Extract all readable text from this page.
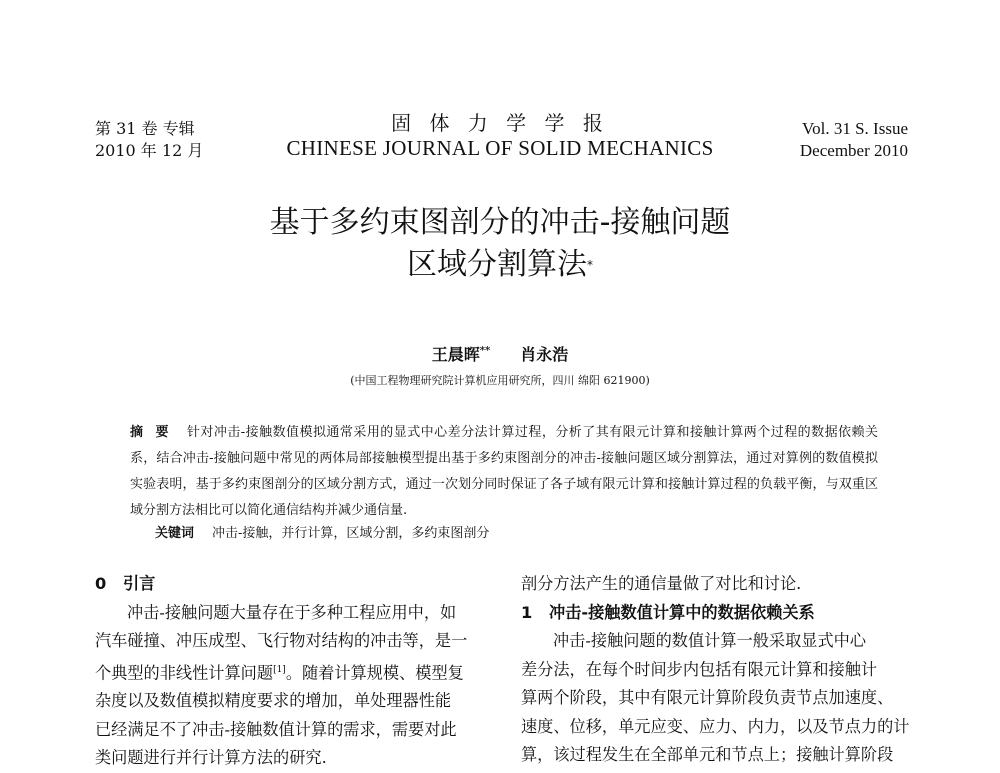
第 31 卷 专辑
2010 年 12 月
固 体 力 学 学 报
CHINESE JOURNAL OF SOLID MECHANICS
Vol. 31 S. Issue
December 2010
基于多约束图剖分的冲击-接触问题
区域分割算法*
王晨晖** 肖永浩
(中国工程物理研究院计算机应用研究所，四川 绵阳 621900)
摘要 针对冲击-接触数值模拟通常采用的显式中心差分法计算过程，分析了其有限元计算和接触计算两个过程的数据依赖关系，结合冲击-接触问题中常见的两体局部接触模型提出基于多约束图剖分的冲击-接触问题区域分割算法，通过对算例的数值模拟实验表明，基于多约束图剖分的区域分割方式，通过一次划分同时保证了各子域有限元计算和接触计算过程的负载平衡，与双重区域分割方法相比可以简化通信结构并减少通信量.
关键词 冲击-接触，并行计算，区域分割，多约束图剖分
0 引言
冲击-接触问题大量存在于多种工程应用中，如
汽车碰撞、冲压成型、飞行物对结构的冲击等，是一
个典型的非线性计算问题[1]。随着计算规模、模型复
杂度以及数值模拟精度要求的增加，单处理器性能
已经满足不了冲击-接触数值计算的需求，需要对此
类问题进行并行计算方法的研究.
剖分方法产生的通信量做了对比和讨论.
1 冲击-接触数值计算中的数据依赖关系
冲击-接触问题的数值计算一般采取显式中心
差分法，在每个时间步内包括有限元计算和接触计
算两个阶段，其中有限元计算阶段负责节点加速度、
速度、位移，单元应变、应力、内力，以及节点力的计
算，该过程发生在全部单元和节点上；接触计算阶段
